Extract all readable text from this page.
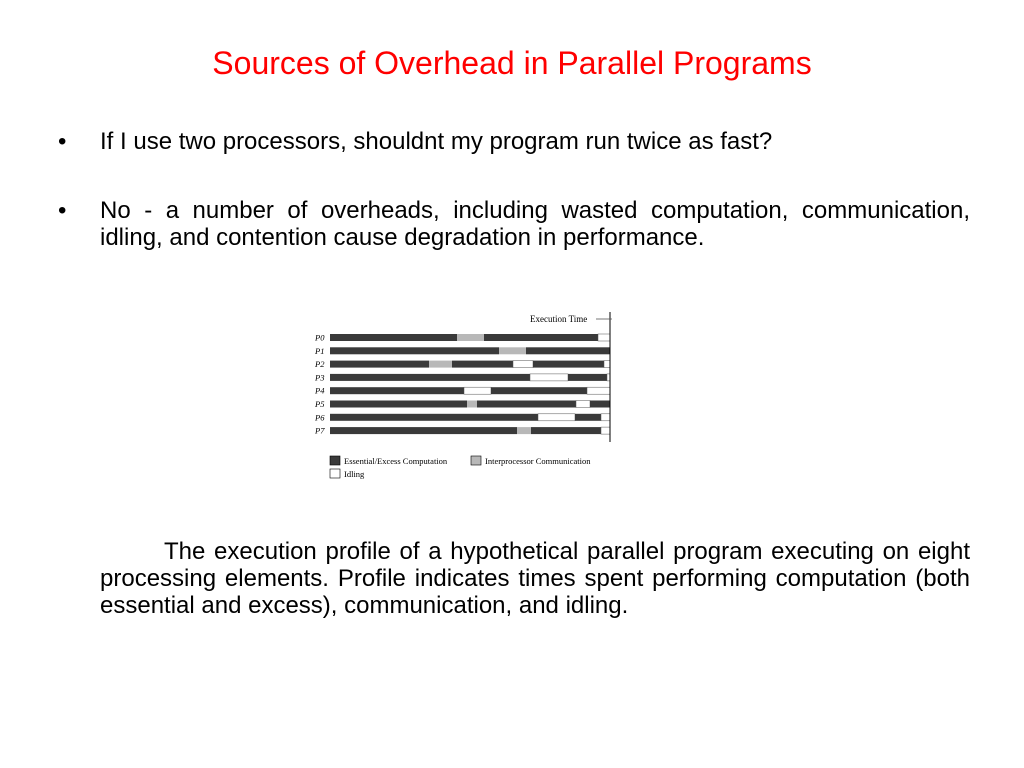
Sources of Overhead in Parallel Programs
• If I use two processors, shouldnt my program run twice as fast?
• No - a number of overheads, including wasted computation, communication, idling, and contention cause degradation in performance.
P0
P1
P2
P3
P4
P5
P6
P7
Execution Time
Essential/Excess Computation	Interprocessor Communication
Idling
The execution profile of a hypothetical parallel program executing on eight processing elements. Profile indicates times spent performing computation (both essential and excess), communication, and idling.
